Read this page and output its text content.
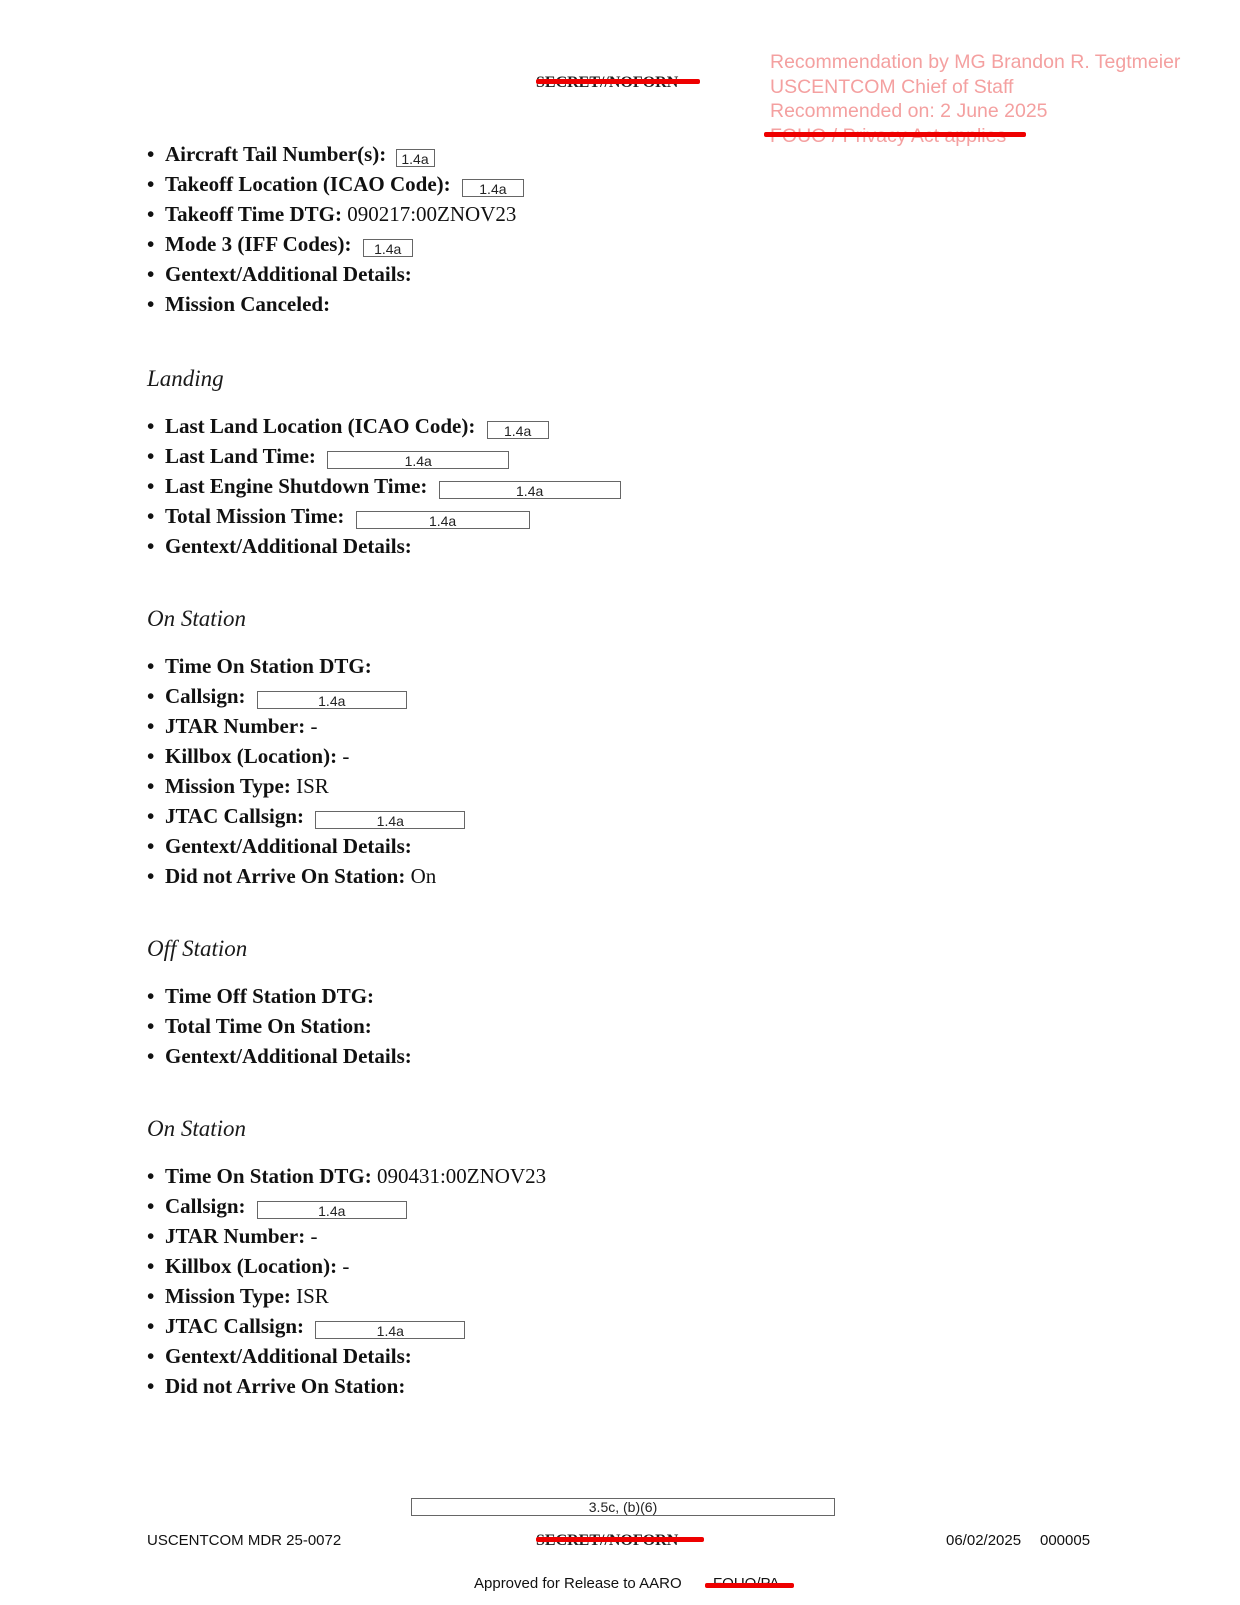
Recommendation by MG Brandon R. Tegtmeier
USCENTCOM Chief of Staff
Recommended on: 2 June 2025
• Aircraft Tail Number(s): 1.4a
• Takeoff Location (ICAO Code): 1.4a
• Takeoff Time DTG: 090217:00ZNOV23
• Mode 3 (IFF Codes): 1.4a
• Gentext/Additional Details:
• Mission Canceled:
Landing
• Last Land Location (ICAO Code): 1.4a
• Last Land Time:	1.4a
• Last Engine Shutdown Time:	1.4a
• Total Mission Time:	1.4a
• Gentext/Additional Details:
On Station
• Time On Station DTG:
• Callsign:	1.4a
• JTAR Number: -
• Killbox (Location): -
• Mission Type: ISR
• JTAC Callsign:	1.4a
• Gentext/Additional Details:
• Did not Arrive On Station: On
Off Station
• Time Off Station DTG:
• Total Time On Station:
• Gentext/Additional Details:
On Station
• Time On Station DTG: 090431:00ZNOV23
• Callsign:	1.4a
• JTAR Number: -
• Killbox (Location): -
• Mission Type: ISR
• JTAC Callsign:	1.4a
• Gentext/Additional Details:
• Did not Arrive On Station:
3.5c, (b)(6)
USCENTCOM MDR 25-0072	06/02/2025 000005
Approved for Release to AARO
